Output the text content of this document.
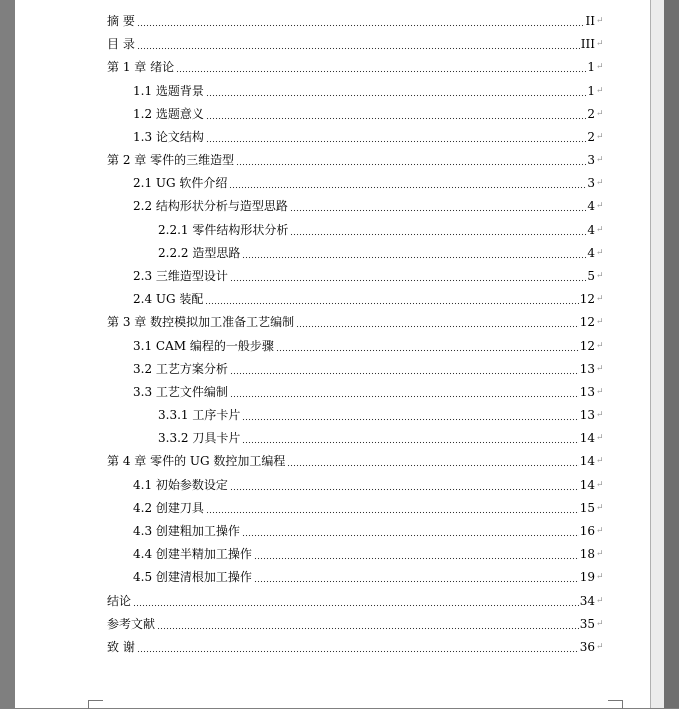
摘 要	II ↵
目 录	III ↵
第 1 章 绪论	1 ↵
1.1 选题背景	1 ↵
1.2 选题意义	2 ↵
1.3 论文结构	2 ↵
第 2 章 零件的三维造型	3 ↵
2.1 UG 软件介绍	3 ↵
2.2 结构形状分析与造型思路	4 ↵
2.2.1 零件结构形状分析	4 ↵
2.2.2 造型思路	4 ↵
2.3 三维造型设计	5 ↵
2.4 UG 装配	12 ↵
第 3 章 数控模拟加工准备工艺编制	12 ↵
3.1 CAM 编程的一般步骤	12 ↵
3.2 工艺方案分析	13 ↵
3.3 工艺文件编制	13 ↵
3.3.1 工序卡片	13 ↵
3.3.2 刀具卡片	14 ↵
第 4 章 零件的 UG 数控加工编程	14 ↵
4.1 初始参数设定	14 ↵
4.2 创建刀具	15 ↵
4.3 创建粗加工操作	16 ↵
4.4 创建半精加工操作	18 ↵
4.5 创建清根加工操作	19 ↵
结论	34 ↵
参考文献	35 ↵
致 谢	36 ↵
